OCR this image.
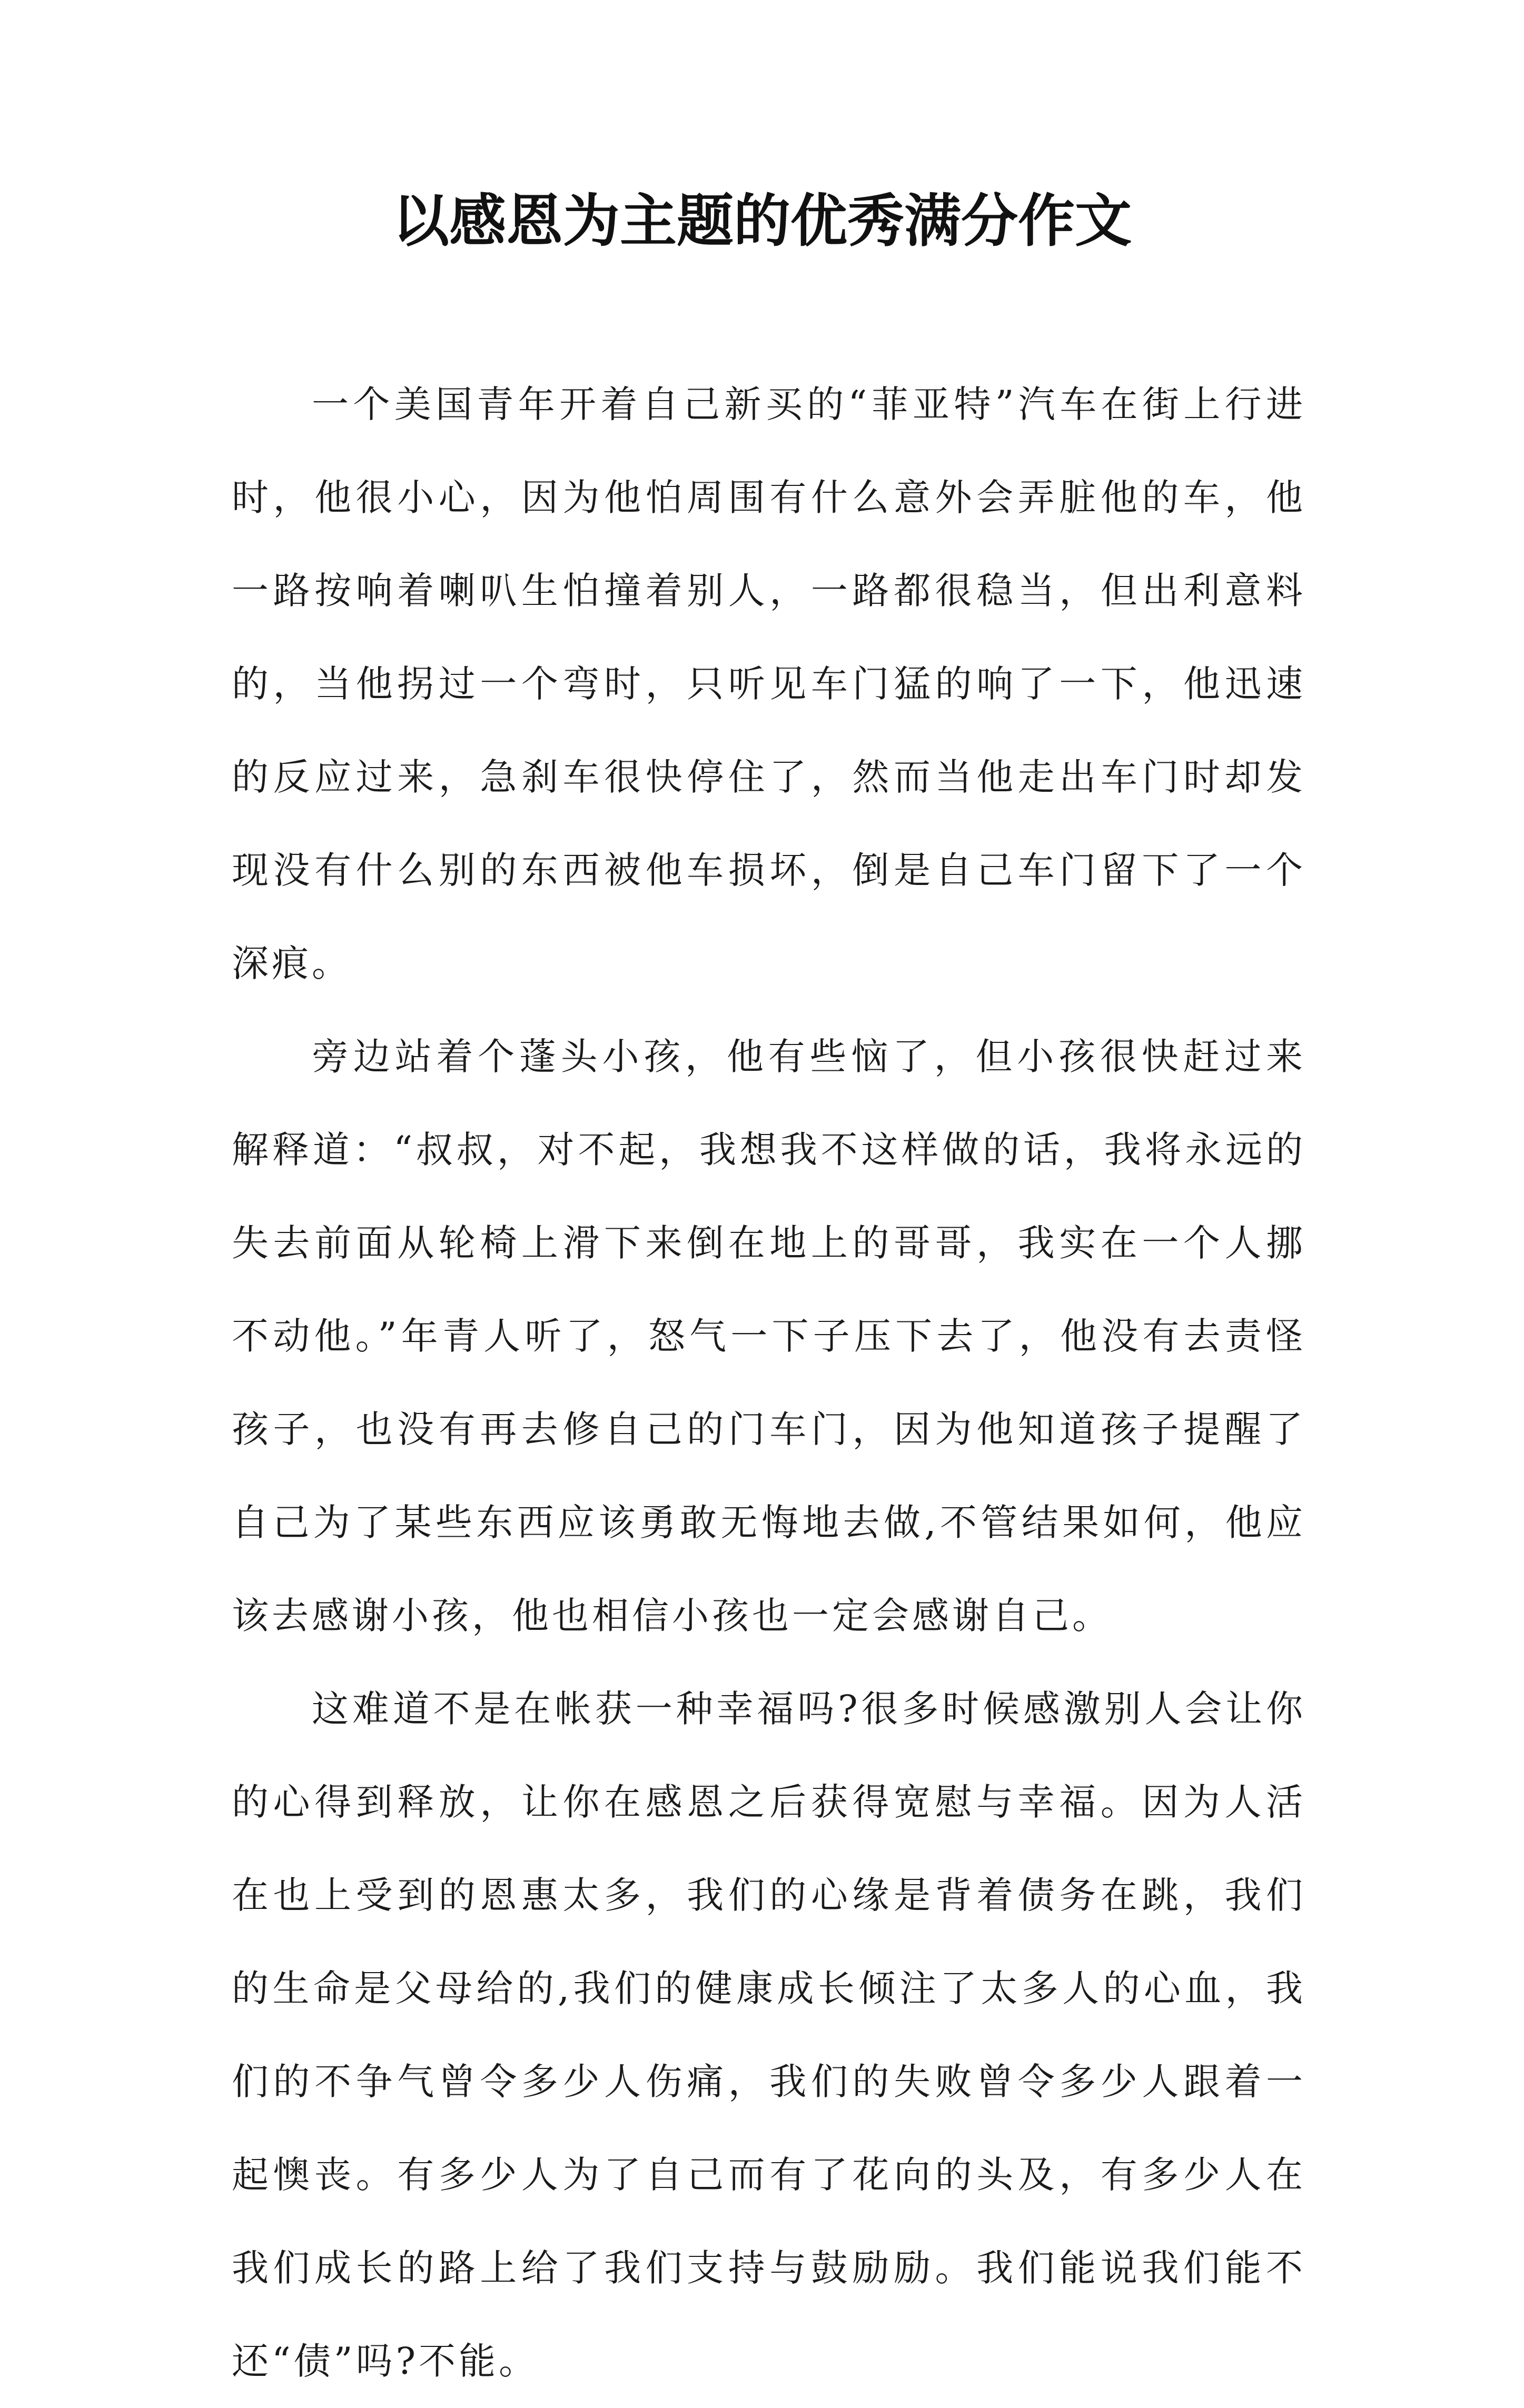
以感恩为主题的优秀满分作文

一个美国青年开着自己新买的“菲亚特”汽车在街上行进时，他很小心，因为他怕周围有什么意外会弄脏他的车，他一路按响着喇叭生怕撞着别人，一路都很稳当，但出利意料的，当他拐过一个弯时，只听见车门猛的响了一下，他迅速的反应过来，急刹车很快停住了，然而当他走出车门时却发现没有什么别的东西被他车损坏，倒是自己车门留下了一个深痕。

旁边站着个蓬头小孩，他有些恼了，但小孩很快赶过来解释道：“叔叔，对不起，我想我不这样做的话，我将永远的失去前面从轮椅上滑下来倒在地上的哥哥，我实在一个人挪不动他。”年青人听了，怒气一下子压下去了，他没有去责怪孩子，也没有再去修自己的门车门，因为他知道孩子提醒了自己为了某些东西应该勇敢无悔地去做,不管结果如何，他应该去感谢小孩，他也相信小孩也一定会感谢自己。

这难道不是在帐获一种幸福吗?很多时候感激别人会让你的心得到释放，让你在感恩之后获得宽慰与幸福。因为人活在也上受到的恩惠太多，我们的心缘是背着债务在跳，我们的生命是父母给的,我们的健康成长倾注了太多人的心血，我们的不争气曾令多少人伤痛，我们的失败曾令多少人跟着一起懊丧。有多少人为了自己而有了花向的头及，有多少人在我们成长的路上给了我们支持与鼓励励。我们能说我们能不还“债”吗?不能。
